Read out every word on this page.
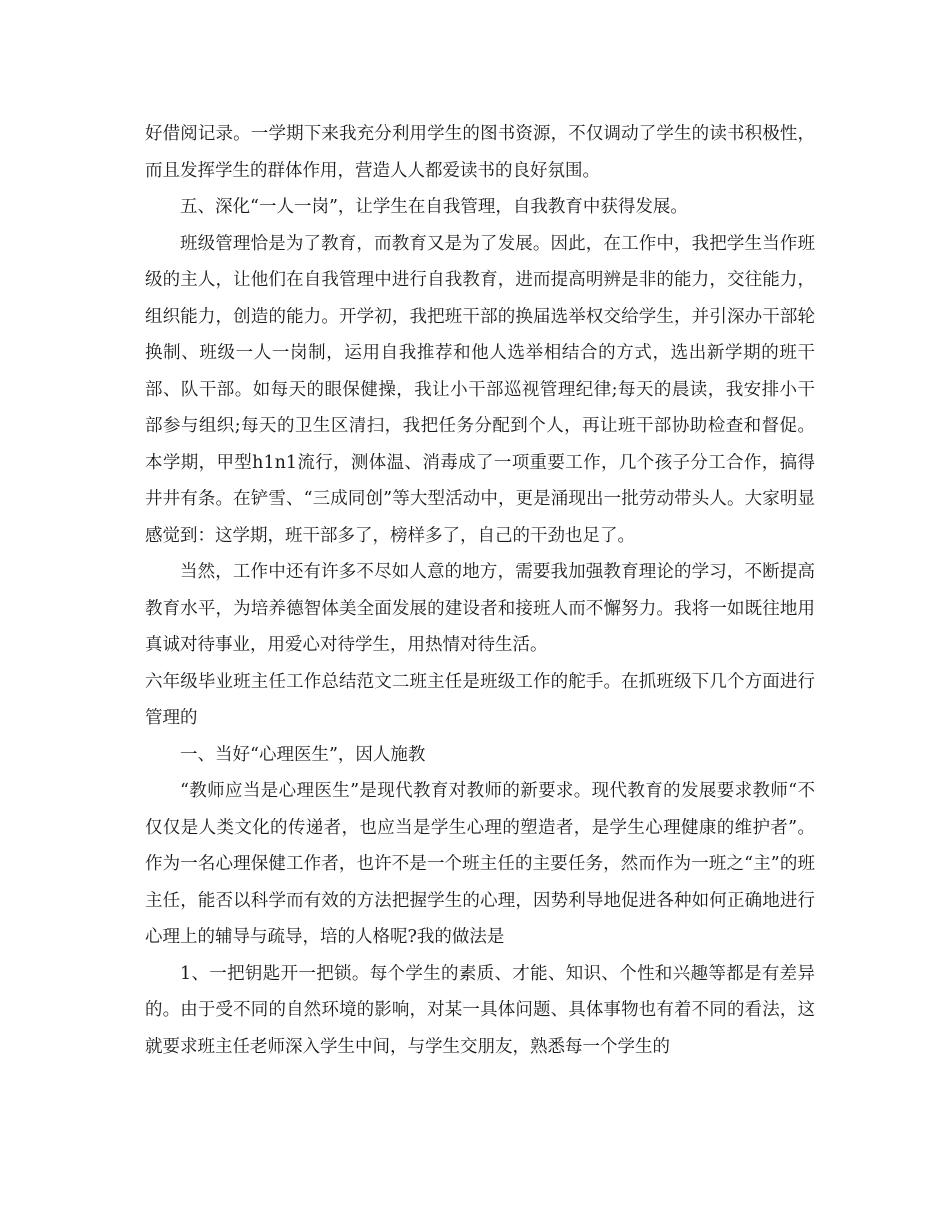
好借阅记录。一学期下来我充分利用学生的图书资源，不仅调动了学生的读书积极性，而且发挥学生的群体作用，营造人人都爱读书的良好氛围。

五、深化“一人一岗”，让学生在自我管理，自我教育中获得发展。

班级管理恰是为了教育，而教育又是为了发展。因此，在工作中，我把学生当作班级的主人，让他们在自我管理中进行自我教育，进而提高明辨是非的能力，交往能力，组织能力，创造的能力。开学初，我把班干部的换届选举权交给学生，并引深办干部轮换制、班级一人一岗制，运用自我推荐和他人选举相结合的方式，选出新学期的班干部、队干部。如每天的眼保健操，我让小干部巡视管理纪律;每天的晨读，我安排小干部参与组织;每天的卫生区清扫，我把任务分配到个人，再让班干部协助检查和督促。本学期，甲型h1n1流行，测体温、消毒成了一项重要工作，几个孩子分工合作，搞得井井有条。在铲雪、“三成同创”等大型活动中，更是涌现出一批劳动带头人。大家明显感觉到：这学期，班干部多了，榜样多了，自己的干劲也足了。

当然，工作中还有许多不尽如人意的地方，需要我加强教育理论的学习，不断提高教育水平，为培养德智体美全面发展的建设者和接班人而不懈努力。我将一如既往地用真诚对待事业，用爱心对待学生，用热情对待生活。

六年级毕业班主任工作总结范文二班主任是班级工作的舵手。在抓班级下几个方面进行管理的

一、当好“心理医生”，因人施教

“教师应当是心理医生”是现代教育对教师的新要求。现代教育的发展要求教师“不仅仅是人类文化的传递者，也应当是学生心理的塑造者，是学生心理健康的维护者”。作为一名心理保健工作者，也许不是一个班主任的主要任务，然而作为一班之“主”的班主任，能否以科学而有效的方法把握学生的心理，因势利导地促进各种如何正确地进行心理上的辅导与疏导，培的人格呢?我的做法是

1、一把钥匙开一把锁。每个学生的素质、才能、知识、个性和兴趣等都是有差异的。由于受不同的自然环境的影响，对某一具体问题、具体事物也有着不同的看法，这就要求班主任老师深入学生中间，与学生交朋友，熟悉每一个学生的
